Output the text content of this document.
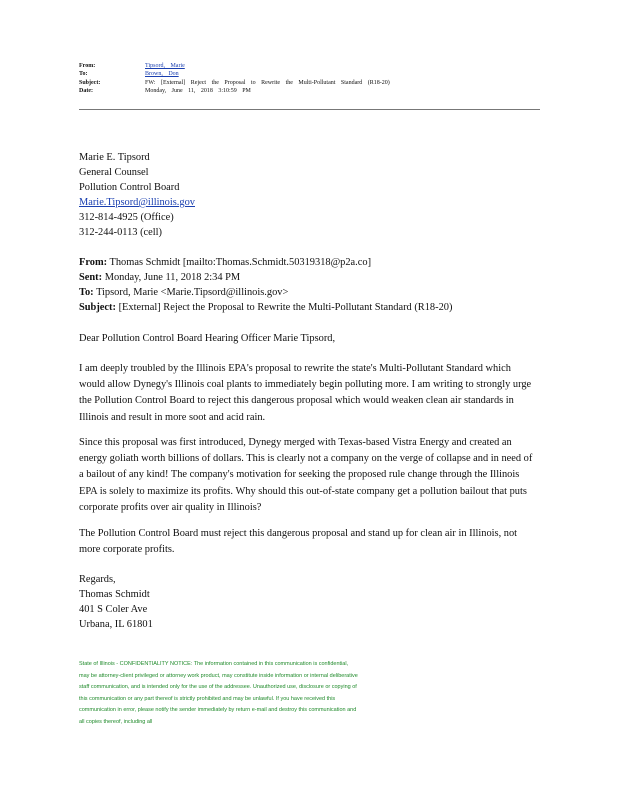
From:	Tipsord, Marie
To:	Brown, Don
Subject:	FW: [External] Reject the Proposal to Rewrite the Multi-Pollutant Standard (R18-20)
Date:	Monday, June 11, 2018 3:10:59 PM
Marie E. Tipsord
General Counsel
Pollution Control Board
Marie.Tipsord@illinois.gov
312-814-4925 (Office)
312-244-0113 (cell)
From: Thomas Schmidt [mailto:Thomas.Schmidt.50319318@p2a.co]
Sent: Monday, June 11, 2018 2:34 PM
To: Tipsord, Marie <Marie.Tipsord@illinois.gov>
Subject: [External] Reject the Proposal to Rewrite the Multi-Pollutant Standard (R18-20)
Dear Pollution Control Board Hearing Officer Marie Tipsord,
I am deeply troubled by the Illinois EPA's proposal to rewrite the state's Multi-Pollutant Standard which would allow Dynegy's Illinois coal plants to immediately begin polluting more. I am writing to strongly urge the Pollution Control Board to reject this dangerous proposal which would weaken clean air standards in Illinois and result in more soot and acid rain.
Since this proposal was first introduced, Dynegy merged with Texas-based Vistra Energy and created an energy goliath worth billions of dollars. This is clearly not a company on the verge of collapse and in need of a bailout of any kind! The company's motivation for seeking the proposed rule change through the Illinois EPA is solely to maximize its profits. Why should this out-of-state company get a pollution bailout that puts corporate profits over air quality in Illinois?
The Pollution Control Board must reject this dangerous proposal and stand up for clean air in Illinois, not more corporate profits.
Regards,
Thomas Schmidt
401 S Coler Ave
Urbana, IL 61801
State of Illinois - CONFIDENTIALITY NOTICE: The information contained in this communication is confidential, may be attorney-client privileged or attorney work product, may constitute inside information or internal deliberative staff communication, and is intended only for the use of the addressee. Unauthorized use, disclosure or copying of this communication or any part thereof is strictly prohibited and may be unlawful. If you have received this communication in error, please notify the sender immediately by return e-mail and destroy this communication and all copies thereof, including all
